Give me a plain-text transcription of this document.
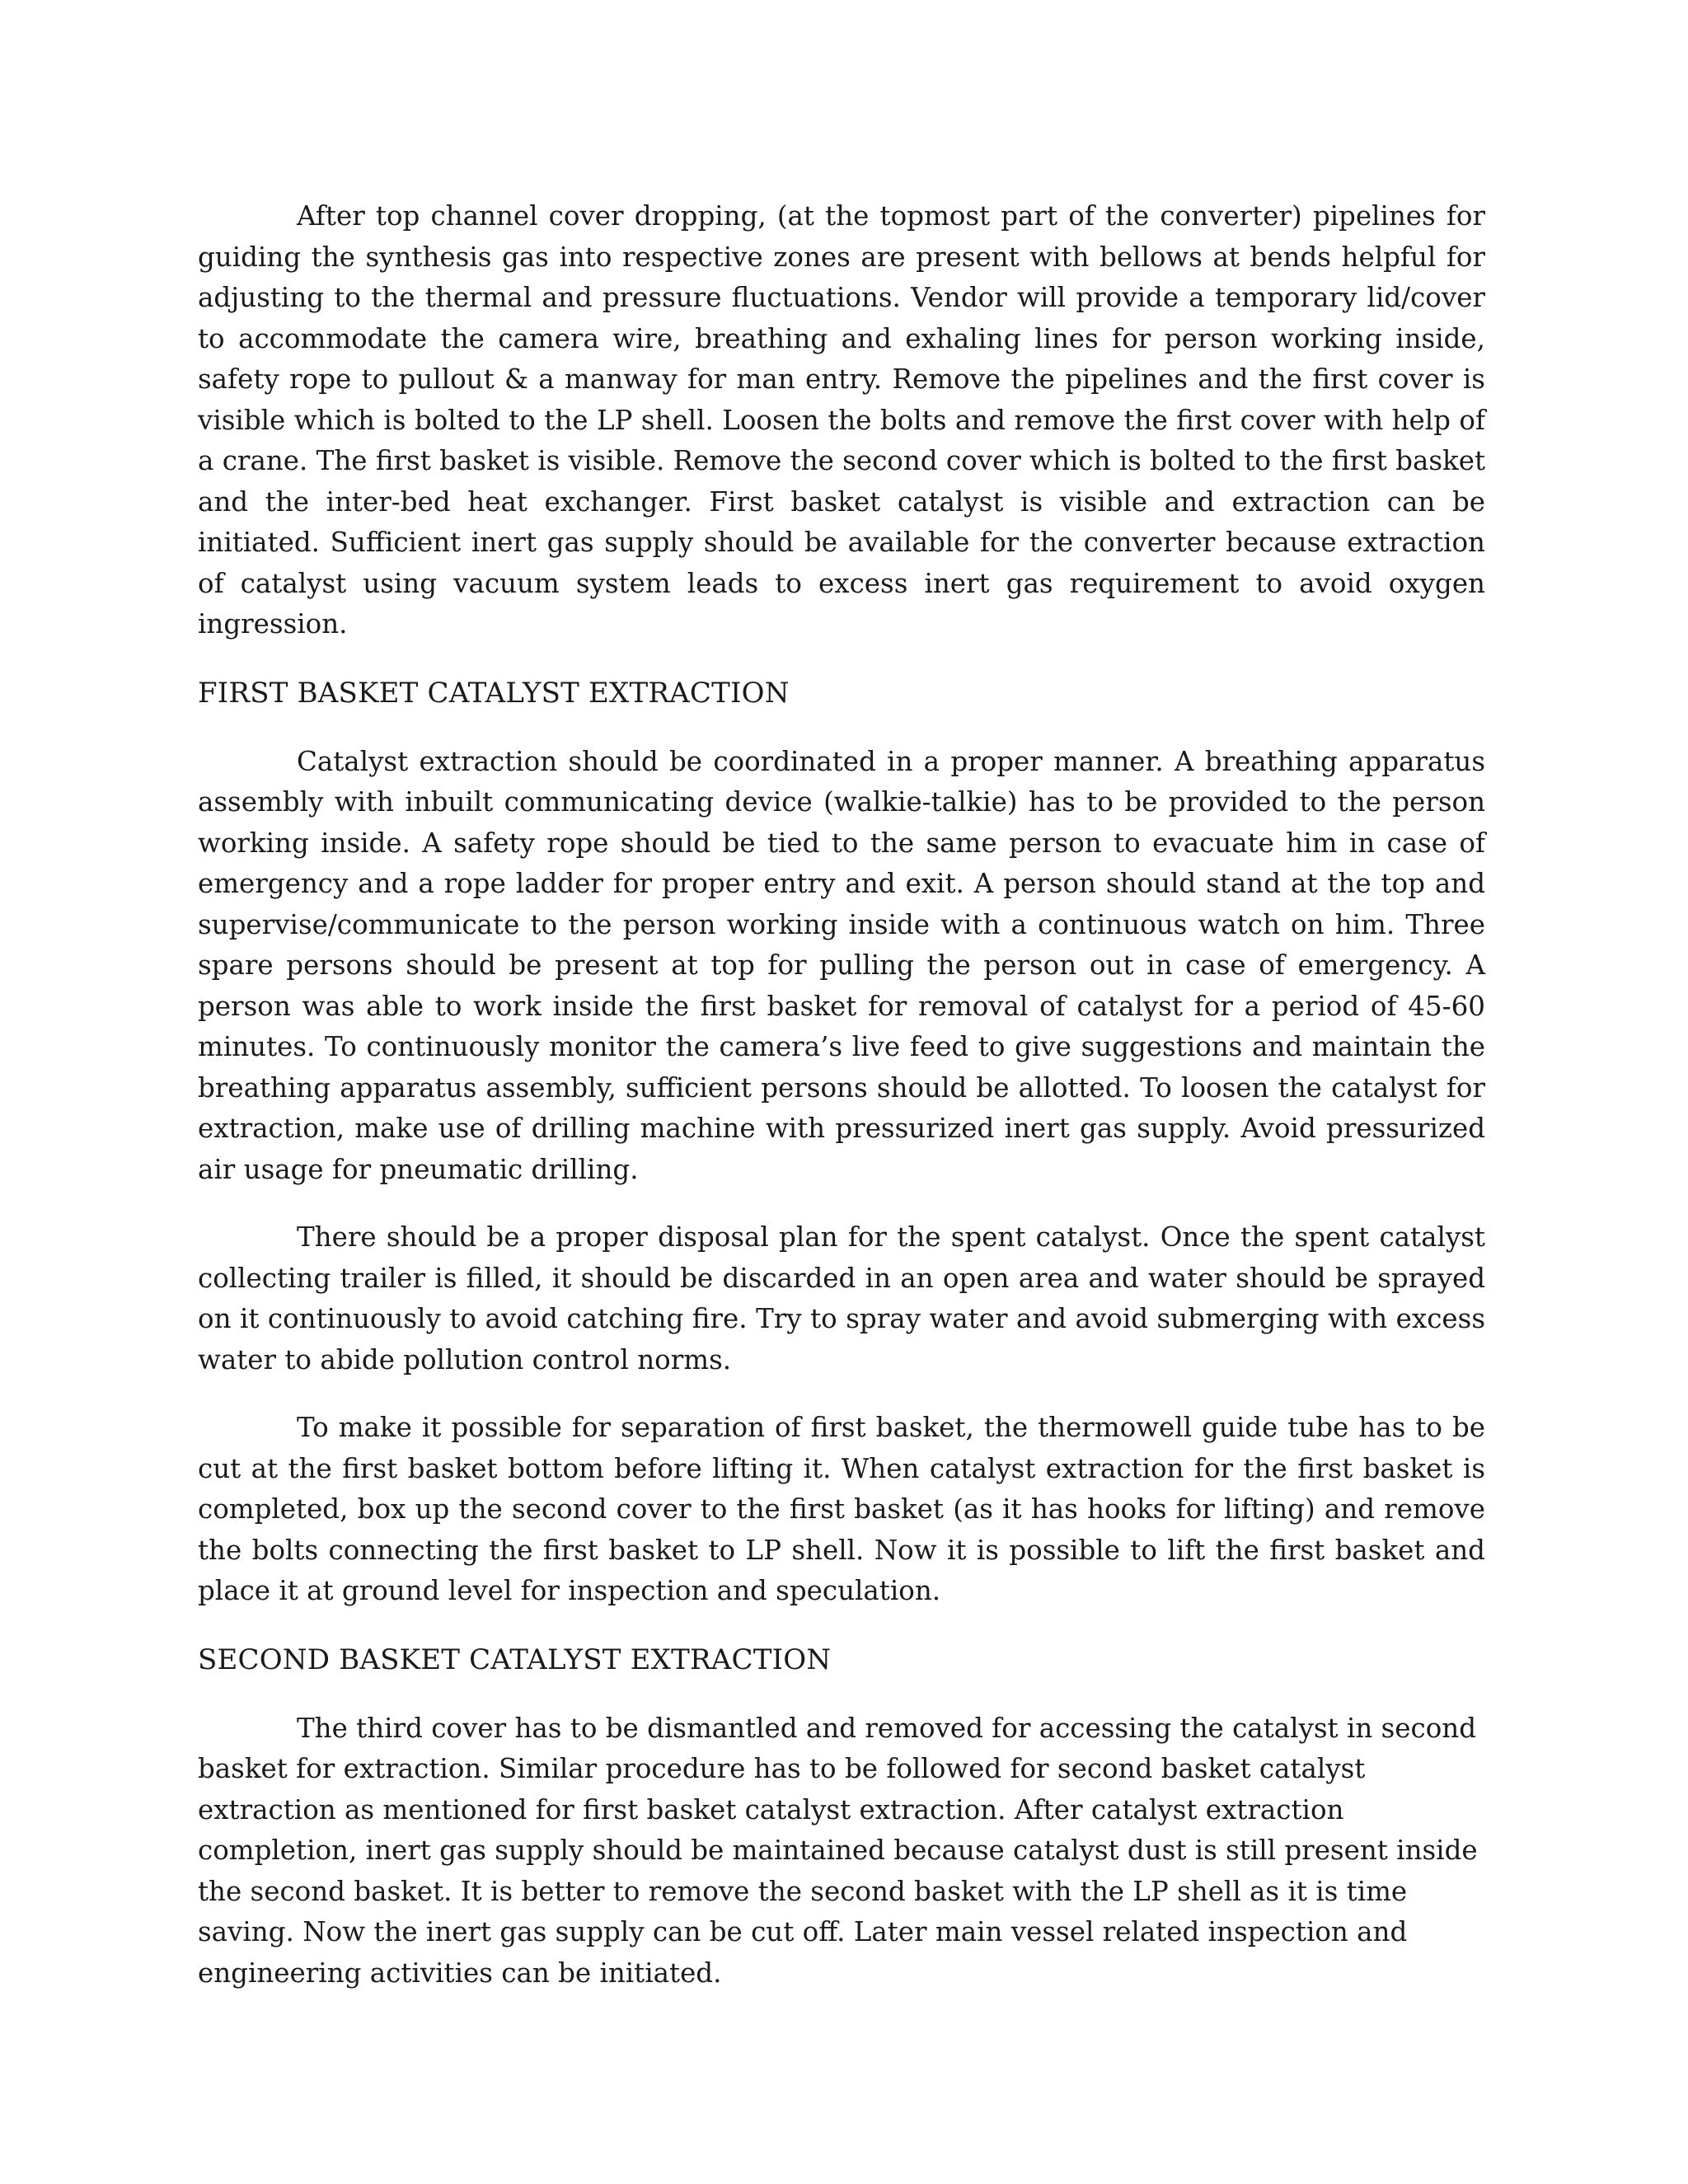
After top channel cover dropping, (at the topmost part of the converter) pipelines for guiding the synthesis gas into respective zones are present with bellows at bends helpful for adjusting to the thermal and pressure fluctuations. Vendor will provide a temporary lid/cover to accommodate the camera wire, breathing and exhaling lines for person working inside, safety rope to pullout & a manway for man entry. Remove the pipelines and the first cover is visible which is bolted to the LP shell. Loosen the bolts and remove the first cover with help of a crane. The first basket is visible. Remove the second cover which is bolted to the first basket and the inter-bed heat exchanger. First basket catalyst is visible and extraction can be initiated. Sufficient inert gas supply should be available for the converter because extraction of catalyst using vacuum system leads to excess inert gas requirement to avoid oxygen ingression.

FIRST BASKET CATALYST EXTRACTION

Catalyst extraction should be coordinated in a proper manner. A breathing apparatus assembly with inbuilt communicating device (walkie-talkie) has to be provided to the person working inside. A safety rope should be tied to the same person to evacuate him in case of emergency and a rope ladder for proper entry and exit. A person should stand at the top and supervise/communicate to the person working inside with a continuous watch on him. Three spare persons should be present at top for pulling the person out in case of emergency. A person was able to work inside the first basket for removal of catalyst for a period of 45-60 minutes. To continuously monitor the camera’s live feed to give suggestions and maintain the breathing apparatus assembly, sufficient persons should be allotted. To loosen the catalyst for extraction, make use of drilling machine with pressurized inert gas supply. Avoid pressurized air usage for pneumatic drilling.

There should be a proper disposal plan for the spent catalyst. Once the spent catalyst collecting trailer is filled, it should be discarded in an open area and water should be sprayed on it continuously to avoid catching fire. Try to spray water and avoid submerging with excess water to abide pollution control norms.

To make it possible for separation of first basket, the thermowell guide tube has to be cut at the first basket bottom before lifting it. When catalyst extraction for the first basket is completed, box up the second cover to the first basket (as it has hooks for lifting) and remove the bolts connecting the first basket to LP shell. Now it is possible to lift the first basket and place it at ground level for inspection and speculation.

SECOND BASKET CATALYST EXTRACTION

The third cover has to be dismantled and removed for accessing the catalyst in second basket for extraction. Similar procedure has to be followed for second basket catalyst extraction as mentioned for first basket catalyst extraction. After catalyst extraction completion, inert gas supply should be maintained because catalyst dust is still present inside the second basket. It is better to remove the second basket with the LP shell as it is time saving. Now the inert gas supply can be cut off. Later main vessel related inspection and engineering activities can be initiated.
